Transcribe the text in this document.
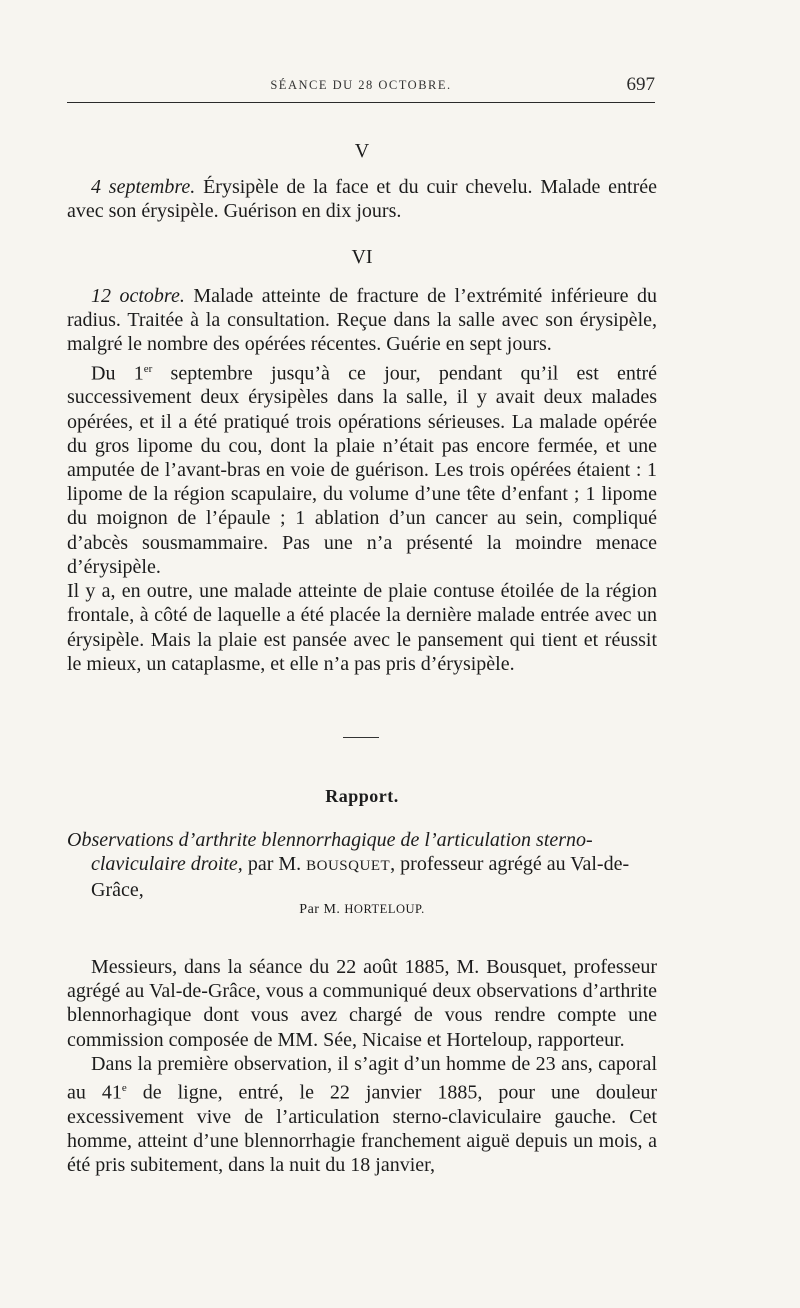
SÉANCE DU 28 OCTOBRE.	697
V

4 septembre. Érysipèle de la face et du cuir chevelu. Malade entrée avec son érysipèle. Guérison en dix jours.

VI

12 octobre. Malade atteinte de fracture de l’extrémité inférieure du radius. Traitée à la consultation. Reçue dans la salle avec son érysipèle, malgré le nombre des opérées récentes. Guérie en sept jours.

Du 1er septembre jusqu’à ce jour, pendant qu’il est entré successivement deux érysipèles dans la salle, il y avait deux malades opérées, et il a été pratiqué trois opérations sérieuses. La malade opérée du gros lipome du cou, dont la plaie n’était pas encore fermée, et une amputée de l’avant-bras en voie de guérison. Les trois opérées étaient : 1 lipome de la région scapulaire, du volume d’une tête d’enfant ; 1 lipome du moignon de l’épaule ; 1 ablation d’un cancer au sein, compliqué d’abcès sousmammaire. Pas une n’a présenté la moindre menace d’érysipèle.

Il y a, en outre, une malade atteinte de plaie contuse étoilée de la région frontale, à côté de laquelle a été placée la dernière malade entrée avec un érysipèle. Mais la plaie est pansée avec le pansement qui tient et réussit le mieux, un cataplasme, et elle n’a pas pris d’érysipèle.

Rapport.

Observations d’arthrite blennorrhagique de l’articulation sterno-claviculaire droite, par M. BOUSQUET, professeur agrégé au Val-de-Grâce,

Par M. HORTELOUP.

Messieurs, dans la séance du 22 août 1885, M. Bousquet, professeur agrégé au Val-de-Grâce, vous a communiqué deux observations d’arthrite blennorhagique dont vous avez chargé de vous rendre compte une commission composée de MM. Sée, Nicaise et Horteloup, rapporteur.

Dans la première observation, il s’agit d’un homme de 23 ans, caporal au 41e de ligne, entré, le 22 janvier 1885, pour une douleur excessivement vive de l’articulation sterno-claviculaire gauche. Cet homme, atteint d’une blennorrhagie franchement aiguë depuis un mois, a été pris subitement, dans la nuit du 18 janvier,
